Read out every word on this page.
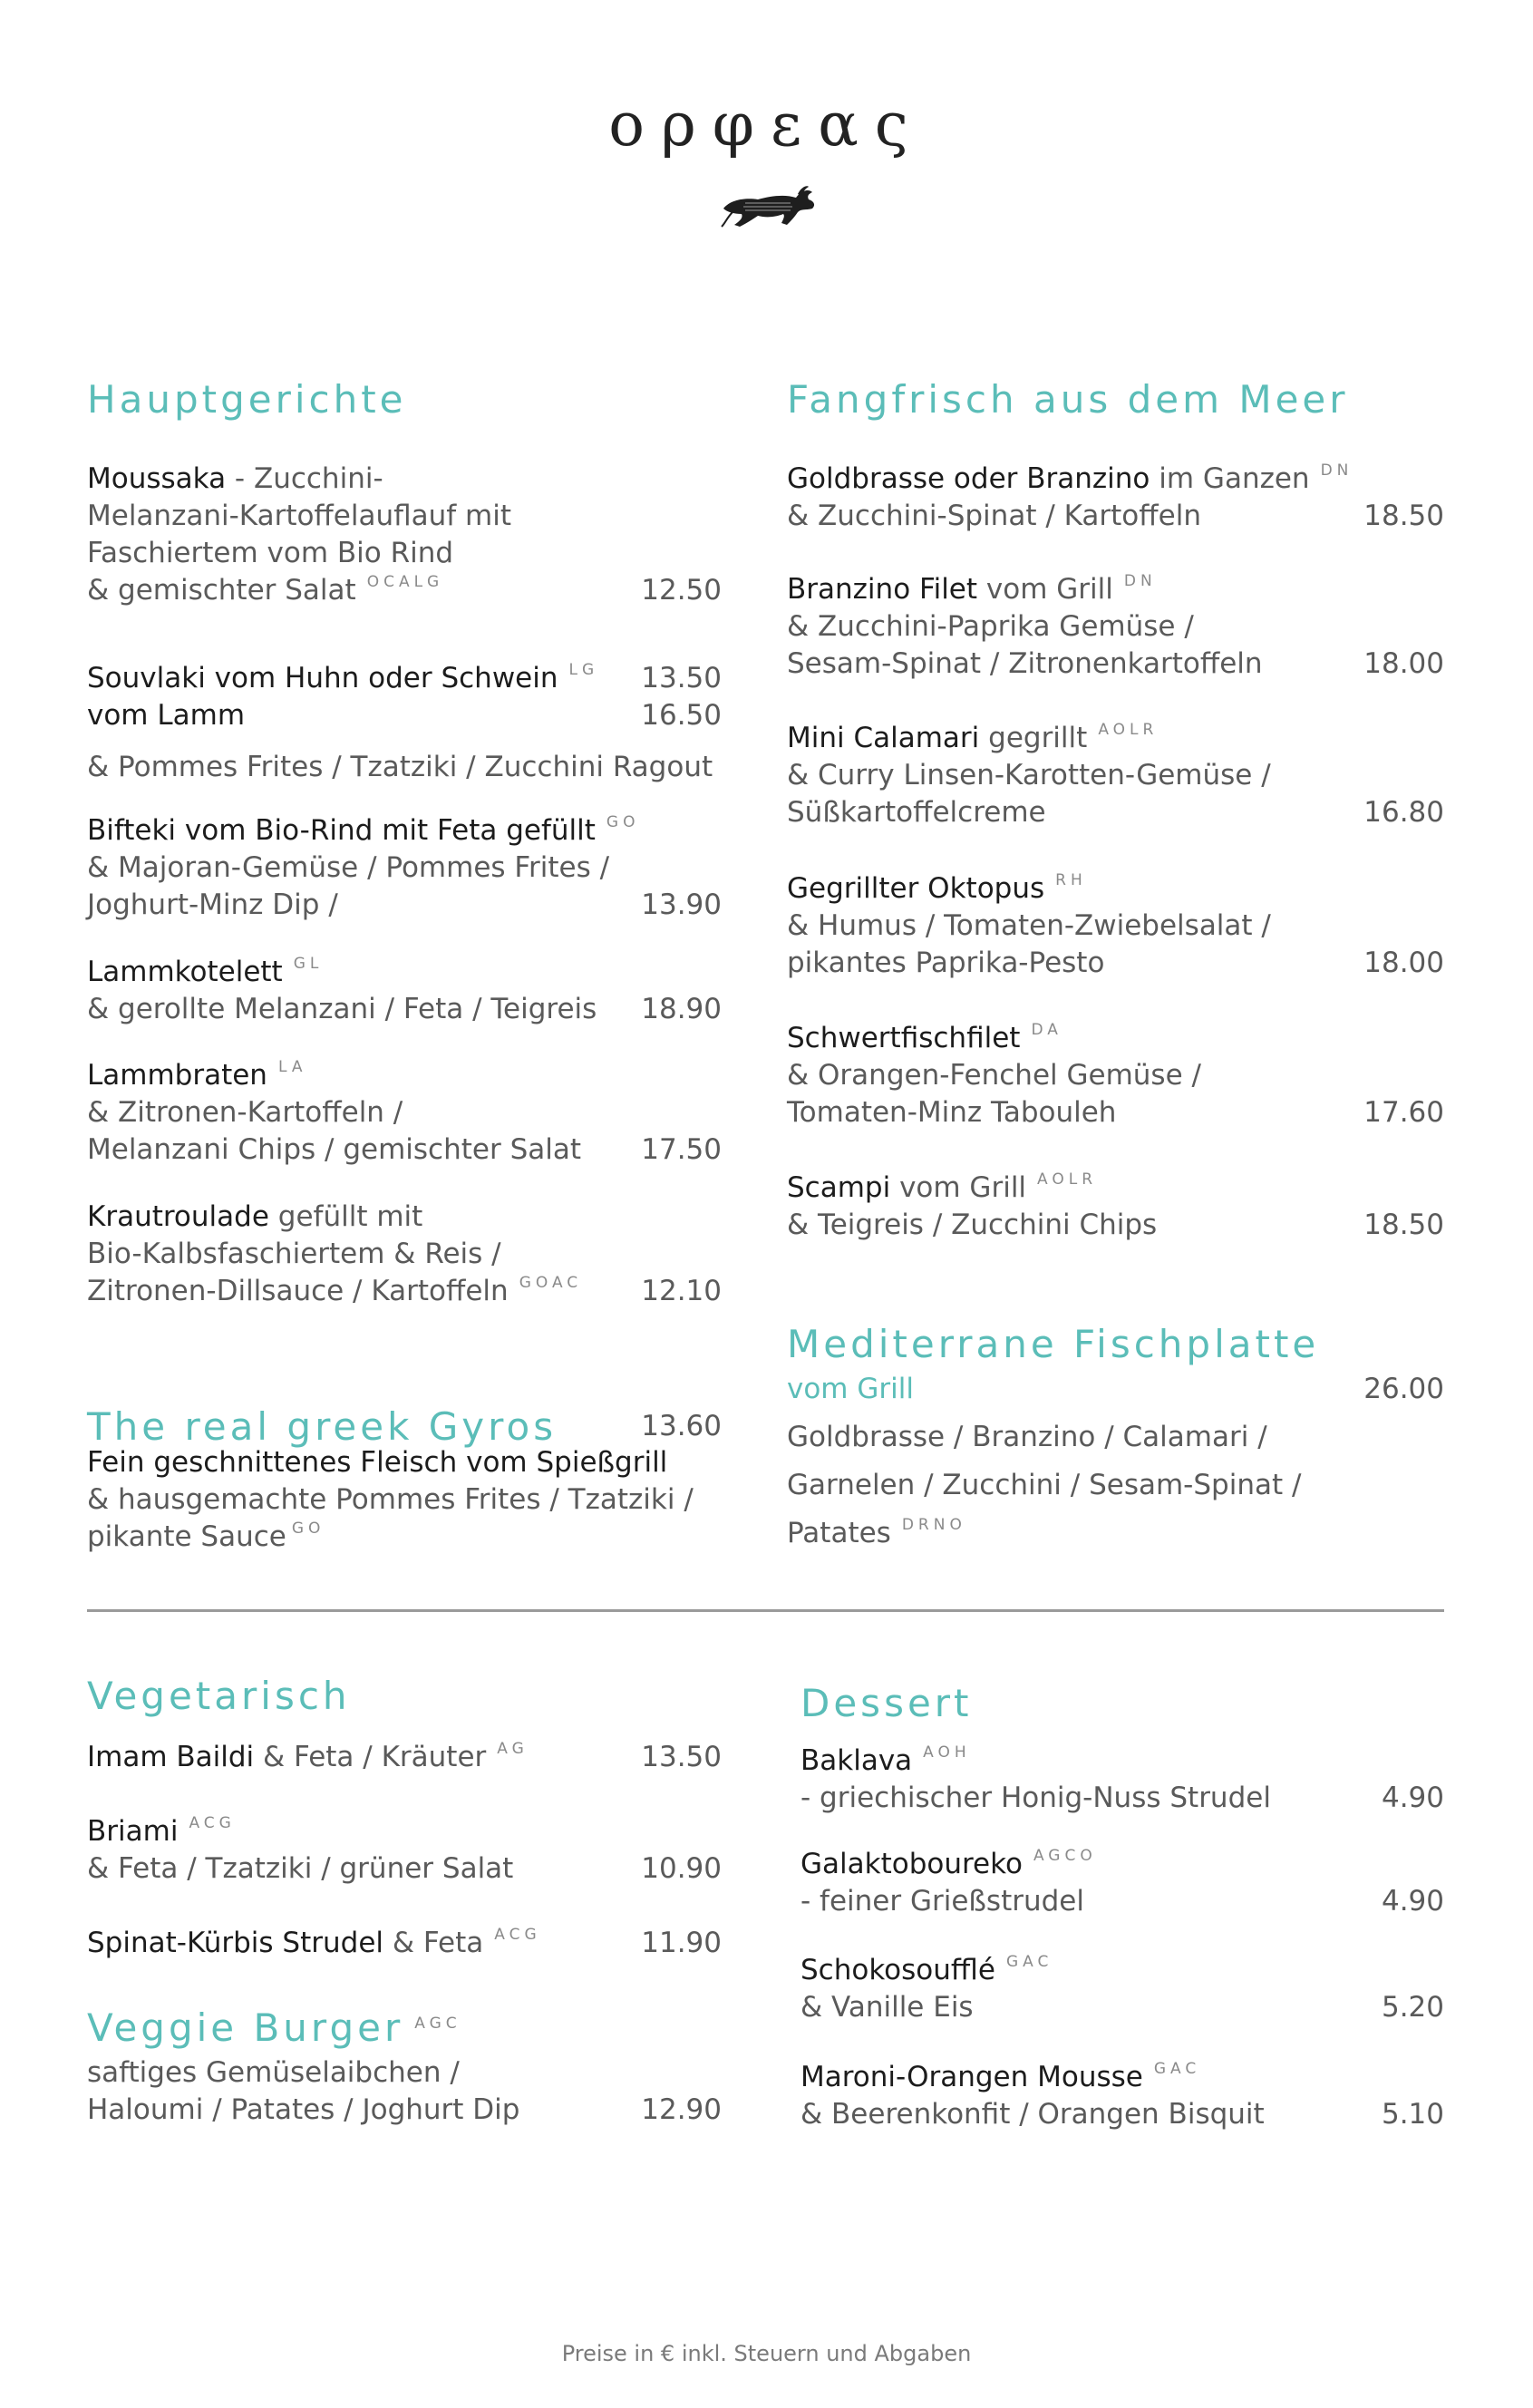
ορφεας
Hauptgerichte
Moussaka - Zucchini-
Melanzani-Kartoffelauflauf mit
Faschiertem vom Bio Rind
& gemischter Salat $^{OCALG}$	12.50
Souvlaki vom Huhn oder Schwein $^{LG}$ 13.50
vom Lamm	16.50
& Pommes Frites / Tzatziki / Zucchini Ragout
Bifteki vom Bio-Rind mit Feta gefüllt $^{GO}$
& Majoran-Gemüse / Pommes Frites /
Joghurt-Minz Dip /	13.90
Lammkotelett $^{GL}$
& gerollte Melanzani / Feta / Teigreis 18.90
Lammbraten $^{LA}$
& Zitronen-Kartoffeln /
Melanzani Chips / gemischter Salat 17.50
Krautroulade gefüllt mit
Bio-Kalbsfaschiertem & Reis /
Zitronen-Dillsauce / Kartoffeln $^{GOAC}$ 12.10
The real greek Gyros	13.60
Fein geschnittenes Fleisch vom Spießgrill
& hausgemachte Pommes Frites / Tzatziki /
pikante Sauce $^{GO}$
Fangfrisch aus dem Meer
Goldbrasse oder Branzino im Ganzen $^{DN}$
& Zucchini-Spinat / Kartoffeln	18.50
Branzino Filet vom Grill $^{DN}$
& Zucchini-Paprika Gemüse /
Sesam-Spinat / Zitronenkartoffeln	18.00
Mini Calamari gegrillt $^{AOLR}$
& Curry Linsen-Karotten-Gemüse /
Süßkartoffelcreme	16.80
Gegrillter Oktopus $^{RH}$
& Humus / Tomaten-Zwiebelsalat /
pikantes Paprika-Pesto	18.00
Schwertfischfilet $^{DA}$
& Orangen-Fenchel Gemüse /
Tomaten-Minz Tabouleh	17.60
Scampi vom Grill $^{AOLR}$
& Teigreis / Zucchini Chips	18.50
Mediterrane Fischplatte
vom Grill	26.00
Goldbrasse / Branzino / Calamari /
Garnelen / Zucchini / Sesam-Spinat /
Patates $^{DRNO}$
Vegetarisch
Imam Baildi & Feta / Kräuter $^{AG}$	13.50
Briami $^{ACG}$
& Feta / Tzatziki / grüner Salat	10.90
Spinat-Kürbis Strudel & Feta $^{ACG}$	11.90
Veggie Burger $^{AGC}$
saftiges Gemüselaibchen /
Haloumi / Patates / Joghurt Dip	12.90
Dessert
Baklava $^{AOH}$
- griechischer Honig-Nuss Strudel	4.90
Galaktoboureko $^{AGCO}$
- feiner Grießstrudel	4.90
Schokosoufflé $^{GAC}$
& Vanille Eis	5.20
Maroni-Orangen Mousse $^{GAC}$
& Beerenkonfit / Orangen Bisquit	5.10
Preise in € inkl. Steuern und Abgaben
